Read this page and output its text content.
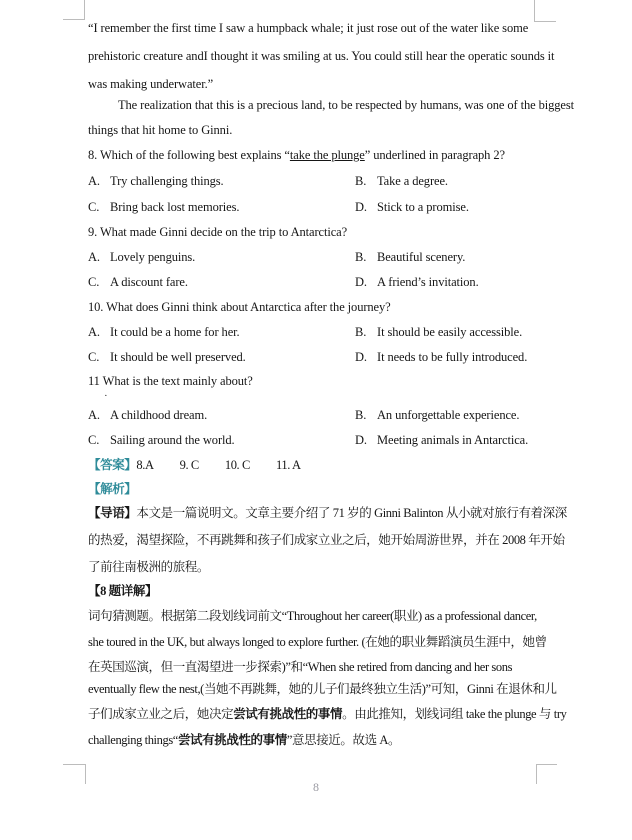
“I remember the first time I saw a humpback whale; it just rose out of the water like some
prehistoric creature andI thought it was smiling at us. You could still hear the operatic sounds it
was making underwater.”
The realization that this is a precious land, to be respected by humans, was one of the biggest
things that hit home to Ginni.
8. Which of the following best explains “take the plunge” underlined in paragraph 2?
A. Try challenging things.	B. Take a degree.
C. Bring back lost memories.	D. Stick to a promise.
9. What made Ginni decide on the trip to Antarctica?
A. Lovely penguins.	B. Beautiful scenery.
C. A discount fare.	D. A friend’s invitation.
10. What does Ginni think about Antarctica after the journey?
A. It could be a home for her.	B. It should be easily accessible.
C. It should be well preserved.	D. It needs to be fully introduced.
11 What is the text mainly about?
·
A. A childhood dream.	B. An unforgettable experience.
C. Sailing around the world.	D. Meeting animals in Antarctica.
【答案】8.A 9. C 10. C 11. A
【解析】
【导语】本文是一篇说明文。文章主要介绍了 71 岁的 Ginni Balinton 从小就对旅行有着深深
的热爱，渴望探险，不再跳舞和孩子们成家立业之后，她开始周游世界，并在 2008 年开始
了前往南极洲的旅程。
【8 题详解】
词句猜测题。根据第二段划线词前文“Throughout her career(职业) as a professional dancer,
she toured in the UK, but always longed to explore further. (在她的职业舞蹈演员生涯中，她曾
在英国巡演，但一直渴望进一步探索)”和“When she retired from dancing and her sons
eventually flew the nest,(当她不再跳舞，她的儿子们最终独立生活)”可知，Ginni 在退休和儿
子们成家立业之后，她决定尝试有挑战性的事情。由此推知，划线词组 take the plunge 与 try
challenging things“尝试有挑战性的事情”意思接近。故选 A。
8
